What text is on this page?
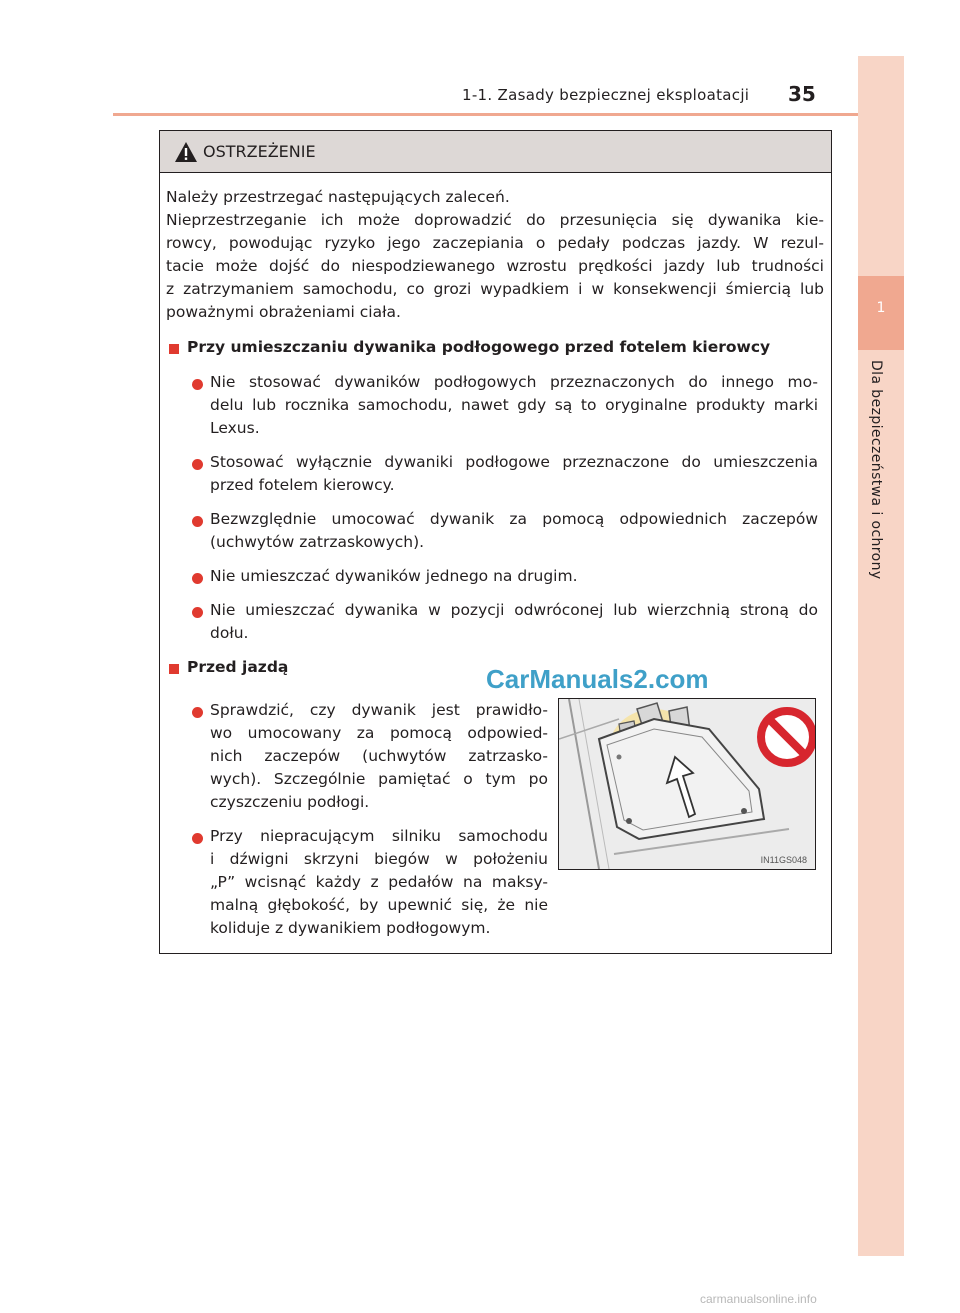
1
Dla bezpieczeństwa i ochrony
1-1. Zasady bezpiecznej eksploatacji 35
OSTRZEŻENIE
Należy przestrzegać następujących zaleceń.
Nieprzestrzeganie ich może doprowadzić do przesunięcia się dywanika kie-
rowcy, powodując ryzyko jego zaczepiania o pedały podczas jazdy. W rezul-
tacie może dojść do niespodziewanego wzrostu prędkości jazdy lub trudności
z zatrzymaniem samochodu, co grozi wypadkiem i w konsekwencji śmiercią lub
poważnymi obrażeniami ciała.
Przy umieszczaniu dywanika podłogowego przed fotelem kierowcy
Nie stosować dywaników podłogowych przeznaczonych do innego mo-
delu lub rocznika samochodu, nawet gdy są to oryginalne produkty marki
Lexus.
Stosować wyłącznie dywaniki podłogowe przeznaczone do umieszczenia
przed fotelem kierowcy.
Bezwzględnie umocować dywanik za pomocą odpowiednich zaczepów
(uchwytów zatrzaskowych).
Nie umieszczać dywaników jednego na drugim.
Nie umieszczać dywanika w pozycji odwróconej lub wierzchnią stroną do
dołu.
Przed jazdą
Sprawdzić, czy dywanik jest prawidło-
wo umocowany za pomocą odpowied-
nich zaczepów (uchwytów zatrzasko-
wych). Szczególnie pamiętać o tym po
czyszczeniu podłogi.
Przy niepracującym silniku samochodu
i dźwigni skrzyni biegów w położeniu
„P” wcisnąć każdy z pedałów na maksy-
malną głębokość, by upewnić się, że nie
koliduje z dywanikiem podłogowym.
IN11GS048
CarManuals2.com
carmanualsonline.info
